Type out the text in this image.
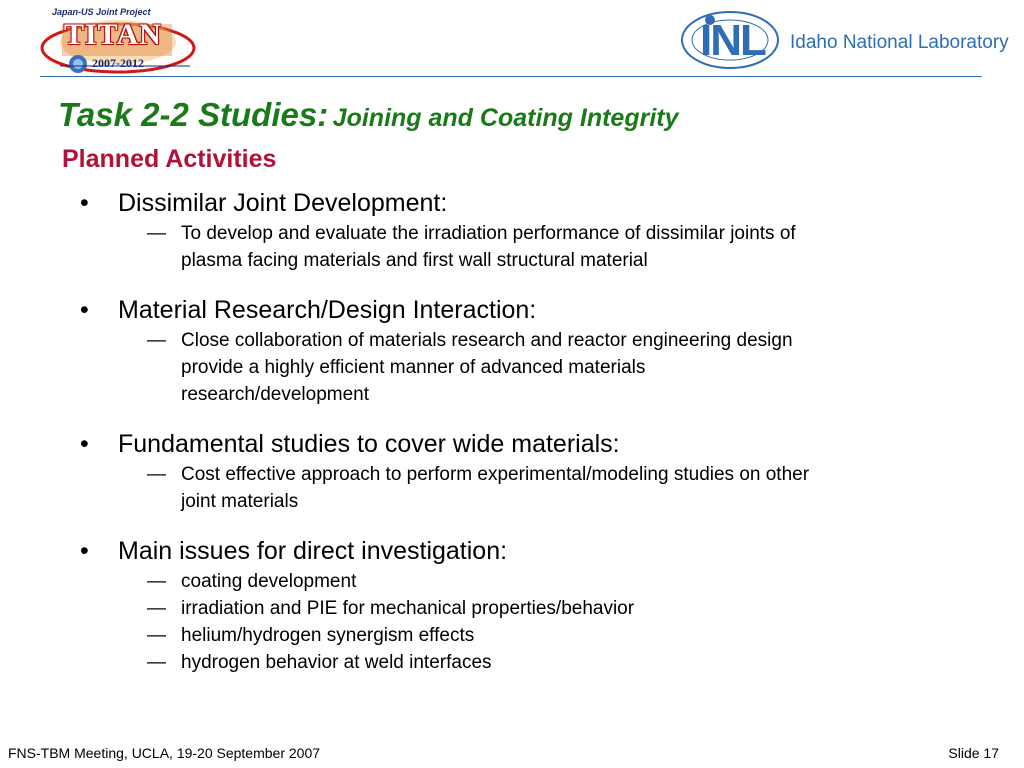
Japan-US Joint Project
TITAN
2007-2012	INL Idaho National Laboratory
Task 2-2 Studies: Joining and Coating Integrity
Planned Activities
• Dissimilar Joint Development:
— To develop and evaluate the irradiation performance of dissimilar joints of
plasma facing materials and first wall structural material
• Material Research/Design Interaction:
— Close collaboration of materials research and reactor engineering design
provide a highly efficient manner of advanced materials
research/development
• Fundamental studies to cover wide materials:
— Cost effective approach to perform experimental/modeling studies on other
joint materials
• Main issues for direct investigation:
— coating development
— irradiation and PIE for mechanical properties/behavior
— helium/hydrogen synergism effects
— hydrogen behavior at weld interfaces
FNS-TBM Meeting, UCLA, 19-20 September 2007	Slide 17
